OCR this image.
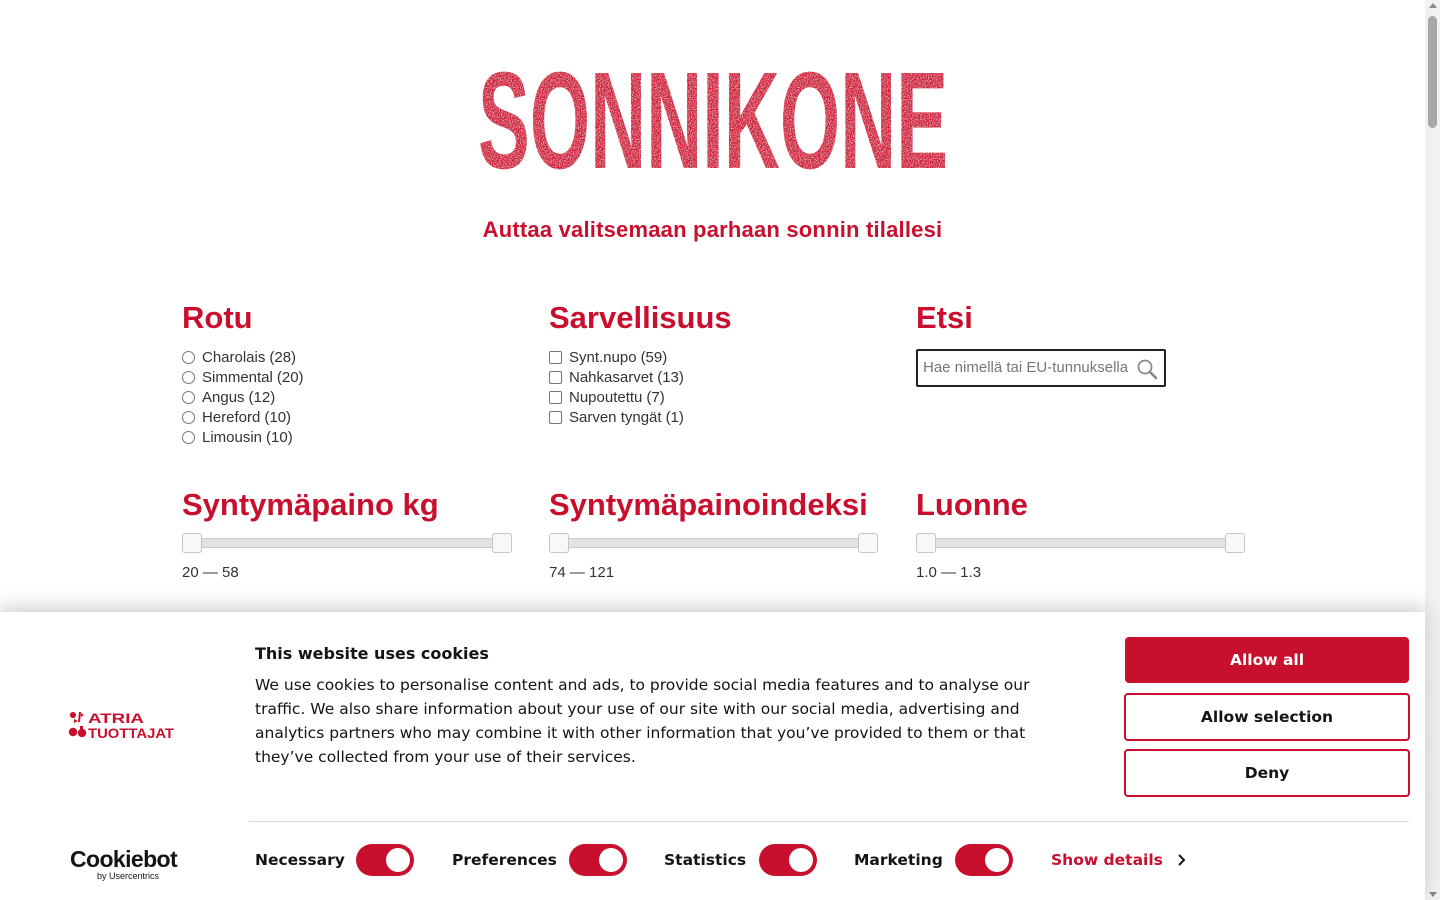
SONNIKONE
Auttaa valitsemaan parhaan sonnin tilallesi
Rotu
Charolais (28)
Simmental (20)
Angus (12)
Hereford (10)
Limousin (10)
Sarvellisuus
Synt.nupo (59)
Nahkasarvet (13)
Nupoutettu (7)
Sarven tyngät (1)
Etsi
Hae nimellä tai EU-tunnuksella
Syntymäpaino kg
20 — 58
Syntymäpainoindeksi
74 — 121
Luonne
1.0 — 1.3
ATRIA
TUOTTAJAT
This website uses cookies
We use cookies to personalise content and ads, to provide social media features and to analyse our traffic. We also share information about your use of our site with our social media, advertising and analytics partners who may combine it with other information that you’ve provided to them or that they’ve collected from your use of their services.
Allow all
Allow selection
Deny
Necessary	Preferences	Statistics	Marketing	Show details
Cookiebot
by Usercentrics
